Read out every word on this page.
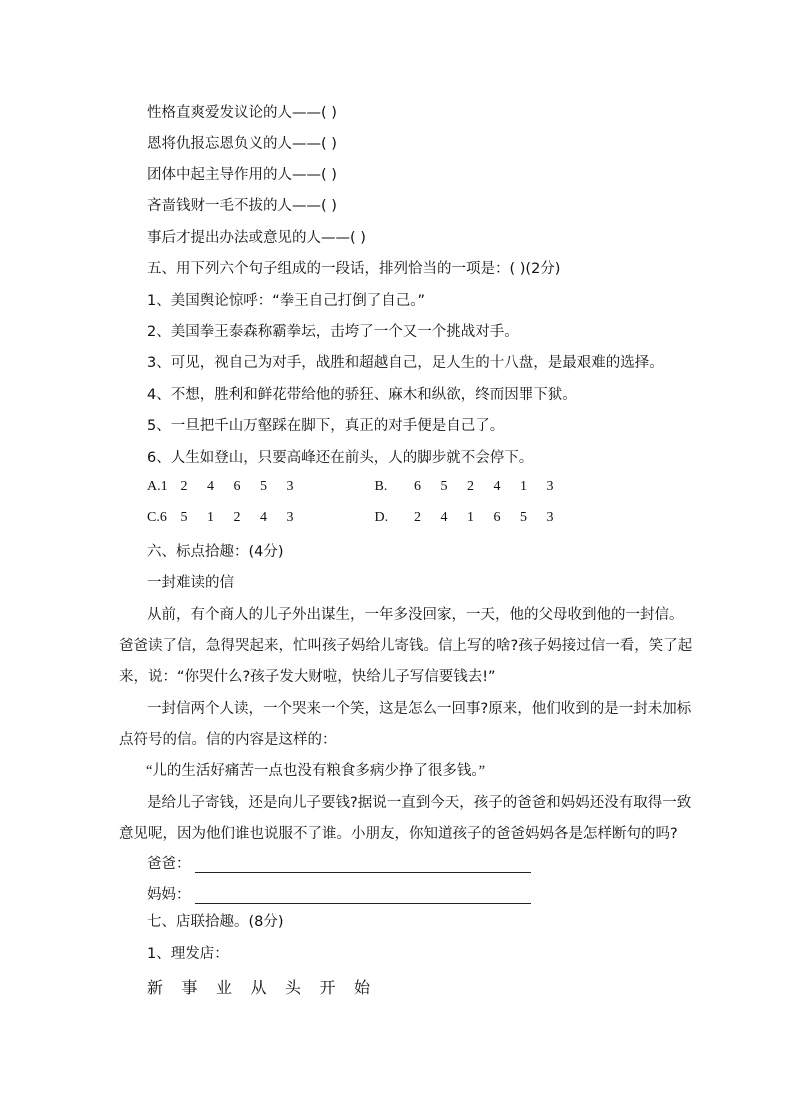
性格直爽爱发议论的人——( )
恩将仇报忘恩负义的人——( )
团体中起主导作用的人——( )
吝啬钱财一毛不拔的人——( )
事后才提出办法或意见的人——( )
五、用下列六个句子组成的一段话，排列恰当的一项是：( )(2分)
1、美国舆论惊呼：“拳王自己打倒了自己。”
2、美国拳王泰森称霸拳坛，击垮了一个又一个挑战对手。
3、可见，视自己为对手，战胜和超越自己，足人生的十八盘，是最艰难的选择。
4、不想，胜利和鲜花带给他的骄狂、麻木和纵欲，终而因罪下狱。
5、一旦把千山万壑踩在脚下，真正的对手便是自己了。
6、人生如登山，只要高峰还在前头，人的脚步就不会停下。
A.1 2 4 6 5 3	B. 6 5 2 4 1 3
C.6 5 1 2 4 3	D. 2 4 1 6 5 3
六、标点拾趣：(4分)
一封难读的信
从前，有个商人的儿子外出谋生，一年多没回家，一天，他的父母收到他的一封信。
爸爸读了信，急得哭起来，忙叫孩子妈给儿寄钱。信上写的啥?孩子妈接过信一看，笑了起
来，说：“你哭什么?孩子发大财啦，快给儿子写信要钱去!”
一封信两个人读，一个哭来一个笑，这是怎么一回事?原来，他们收到的是一封未加标
点符号的信。信的内容是这样的：
“儿的生活好痛苦一点也没有粮食多病少挣了很多钱。”
是给儿子寄钱，还是向儿子要钱?据说一直到今天，孩子的爸爸和妈妈还没有取得一致
意见呢，因为他们谁也说服不了谁。小朋友，你知道孩子的爸爸妈妈各是怎样断句的吗?
爸爸：
妈妈：
七、店联拾趣。(8分)
1、理发店：
新 事 业 从 头 开 始
